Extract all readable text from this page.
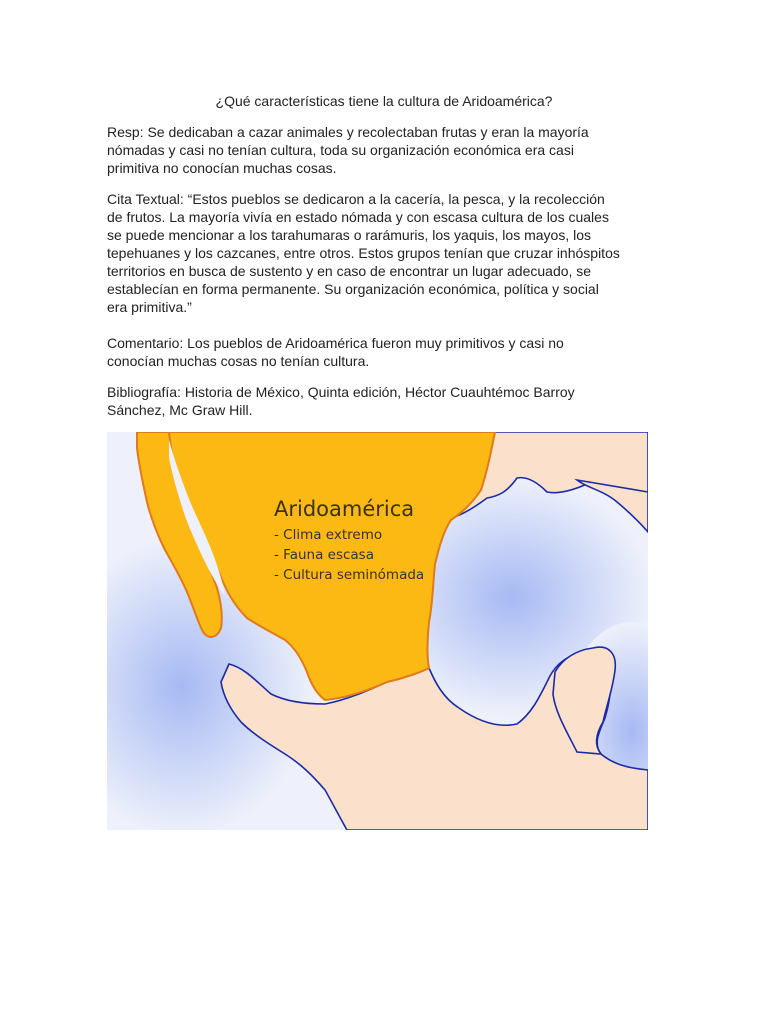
¿Qué características tiene la cultura de Aridoamérica?

Resp: Se dedicaban a cazar animales y recolectaban frutas y eran la mayoría
nómadas y casi no tenían cultura, toda su organización económica era casi
primitiva no conocían muchas cosas.

Cita Textual: “Estos pueblos se dedicaron a la cacería, la pesca, y la recolección
de frutos. La mayoría vivía en estado nómada y con escasa cultura de los cuales
se puede mencionar a los tarahumaras o rarámuris, los yaquis, los mayos, los
tepehuanes y los cazcanes, entre otros. Estos grupos tenían que cruzar inhóspitos
territorios en busca de sustento y en caso de encontrar un lugar adecuado, se
establecían en forma permanente. Su organización económica, política y social
era primitiva.”

Comentario: Los pueblos de Aridoamérica fueron muy primitivos y casi no
conocían muchas cosas no tenían cultura.

Bibliografía: Historia de México, Quinta edición, Héctor Cuauhtémoc Barroy
Sánchez, Mc Graw Hill.

Aridoamérica
- Clima extremo
- Fauna escasa
- Cultura seminómada
